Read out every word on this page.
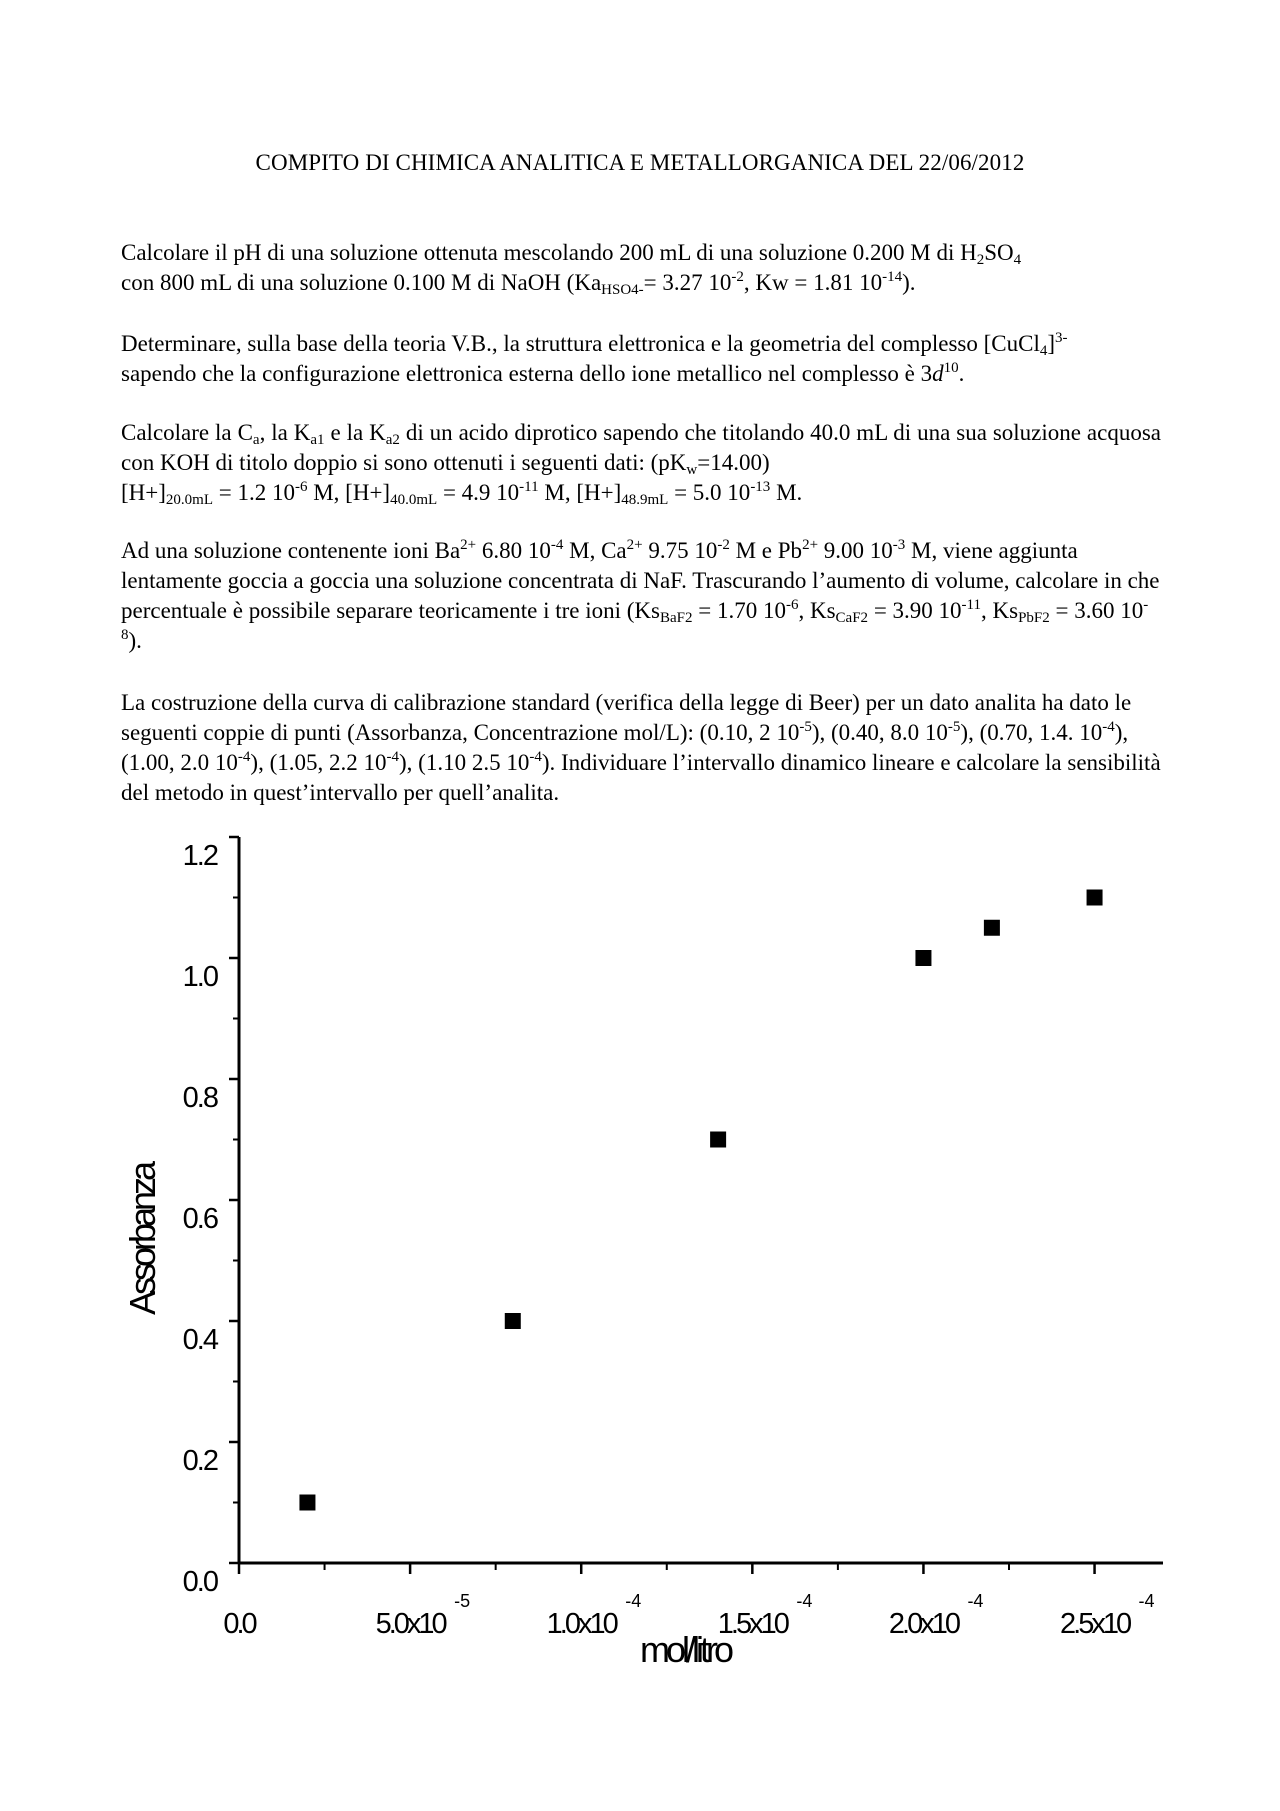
COMPITO DI CHIMICA ANALITICA E METALLORGANICA DEL 22/06/2012
Calcolare il pH di una soluzione ottenuta mescolando 200 mL di una soluzione 0.200 M di $H_2SO_4$
con 800 mL di una soluzione 0.100 M di NaOH ($Ka_{HSO4-}= 3.27$ $10^{-2}$, Kw = 1.81 $10^{-14}$).
Determinare, sulla base della teoria V.B., la struttura elettronica e la geometria del complesso [CuCl$_4$]$^{3-}$
sapendo che la configurazione elettronica esterna dello ione metallico nel complesso è $3d^{10}$.
Calcolare la $C_a$, la $K_{a1}$ e la $K_{a2}$ di un acido diprotico sapendo che titolando 40.0 mL di una sua soluzione acquosa con KOH di titolo doppio si sono ottenuti i seguenti dati: $(pK_w=14.00)$
$[H+]_{20.0mL} = 1.2$ $10^{-6}$ M, $[H+]_{40.0mL} = 4.9$ $10^{-11}$ M, $[H+]_{48.9mL} = 5.0$ $10^{-13}$ M.
Ad una soluzione contenente ioni $Ba^{2+}$ 6.80 $10^{-4}$ M, $Ca^{2+}$ 9.75 $10^{-2}$ M e $Pb^{2+}$ 9.00 $10^{-3}$ M, viene aggiunta lentamente goccia a goccia una soluzione concentrata di NaF. Trascurando l’aumento di volume, calcolare in che percentuale è possibile separare teoricamente i tre ioni ($Ks_{BaF2} = 1.70$ $10^{-6}$, $Ks_{CaF2} = 3.90$ $10^{-11}$, $Ks_{PbF2} = 3.60$ $10^{-8}$).
La costruzione della curva di calibrazione standard (verifica della legge di Beer) per un dato analita ha dato le seguenti coppie di punti (Assorbanza, Concentrazione mol/L): (0.10, 2 $10^{-5}$), (0.40, 8.0 $10^{-5}$), (0.70, 1.4. $10^{-4}$), (1.00, 2.0 $10^{-4}$), (1.05, 2.2 $10^{-4}$), (1.10 2.5 $10^{-4}$). Individuare l’intervallo dinamico lineare e calcolare la sensibilità del metodo in quest’intervallo per quell’analita.
0.0
0.2
0.4
0.6
0.8
1.0
1.2
0.0	5.0x10
-5
1.0x10
-4
1.5x10
-4
2.0x10
-4
2.5x10
-4
mol/litro
Assorbanza
